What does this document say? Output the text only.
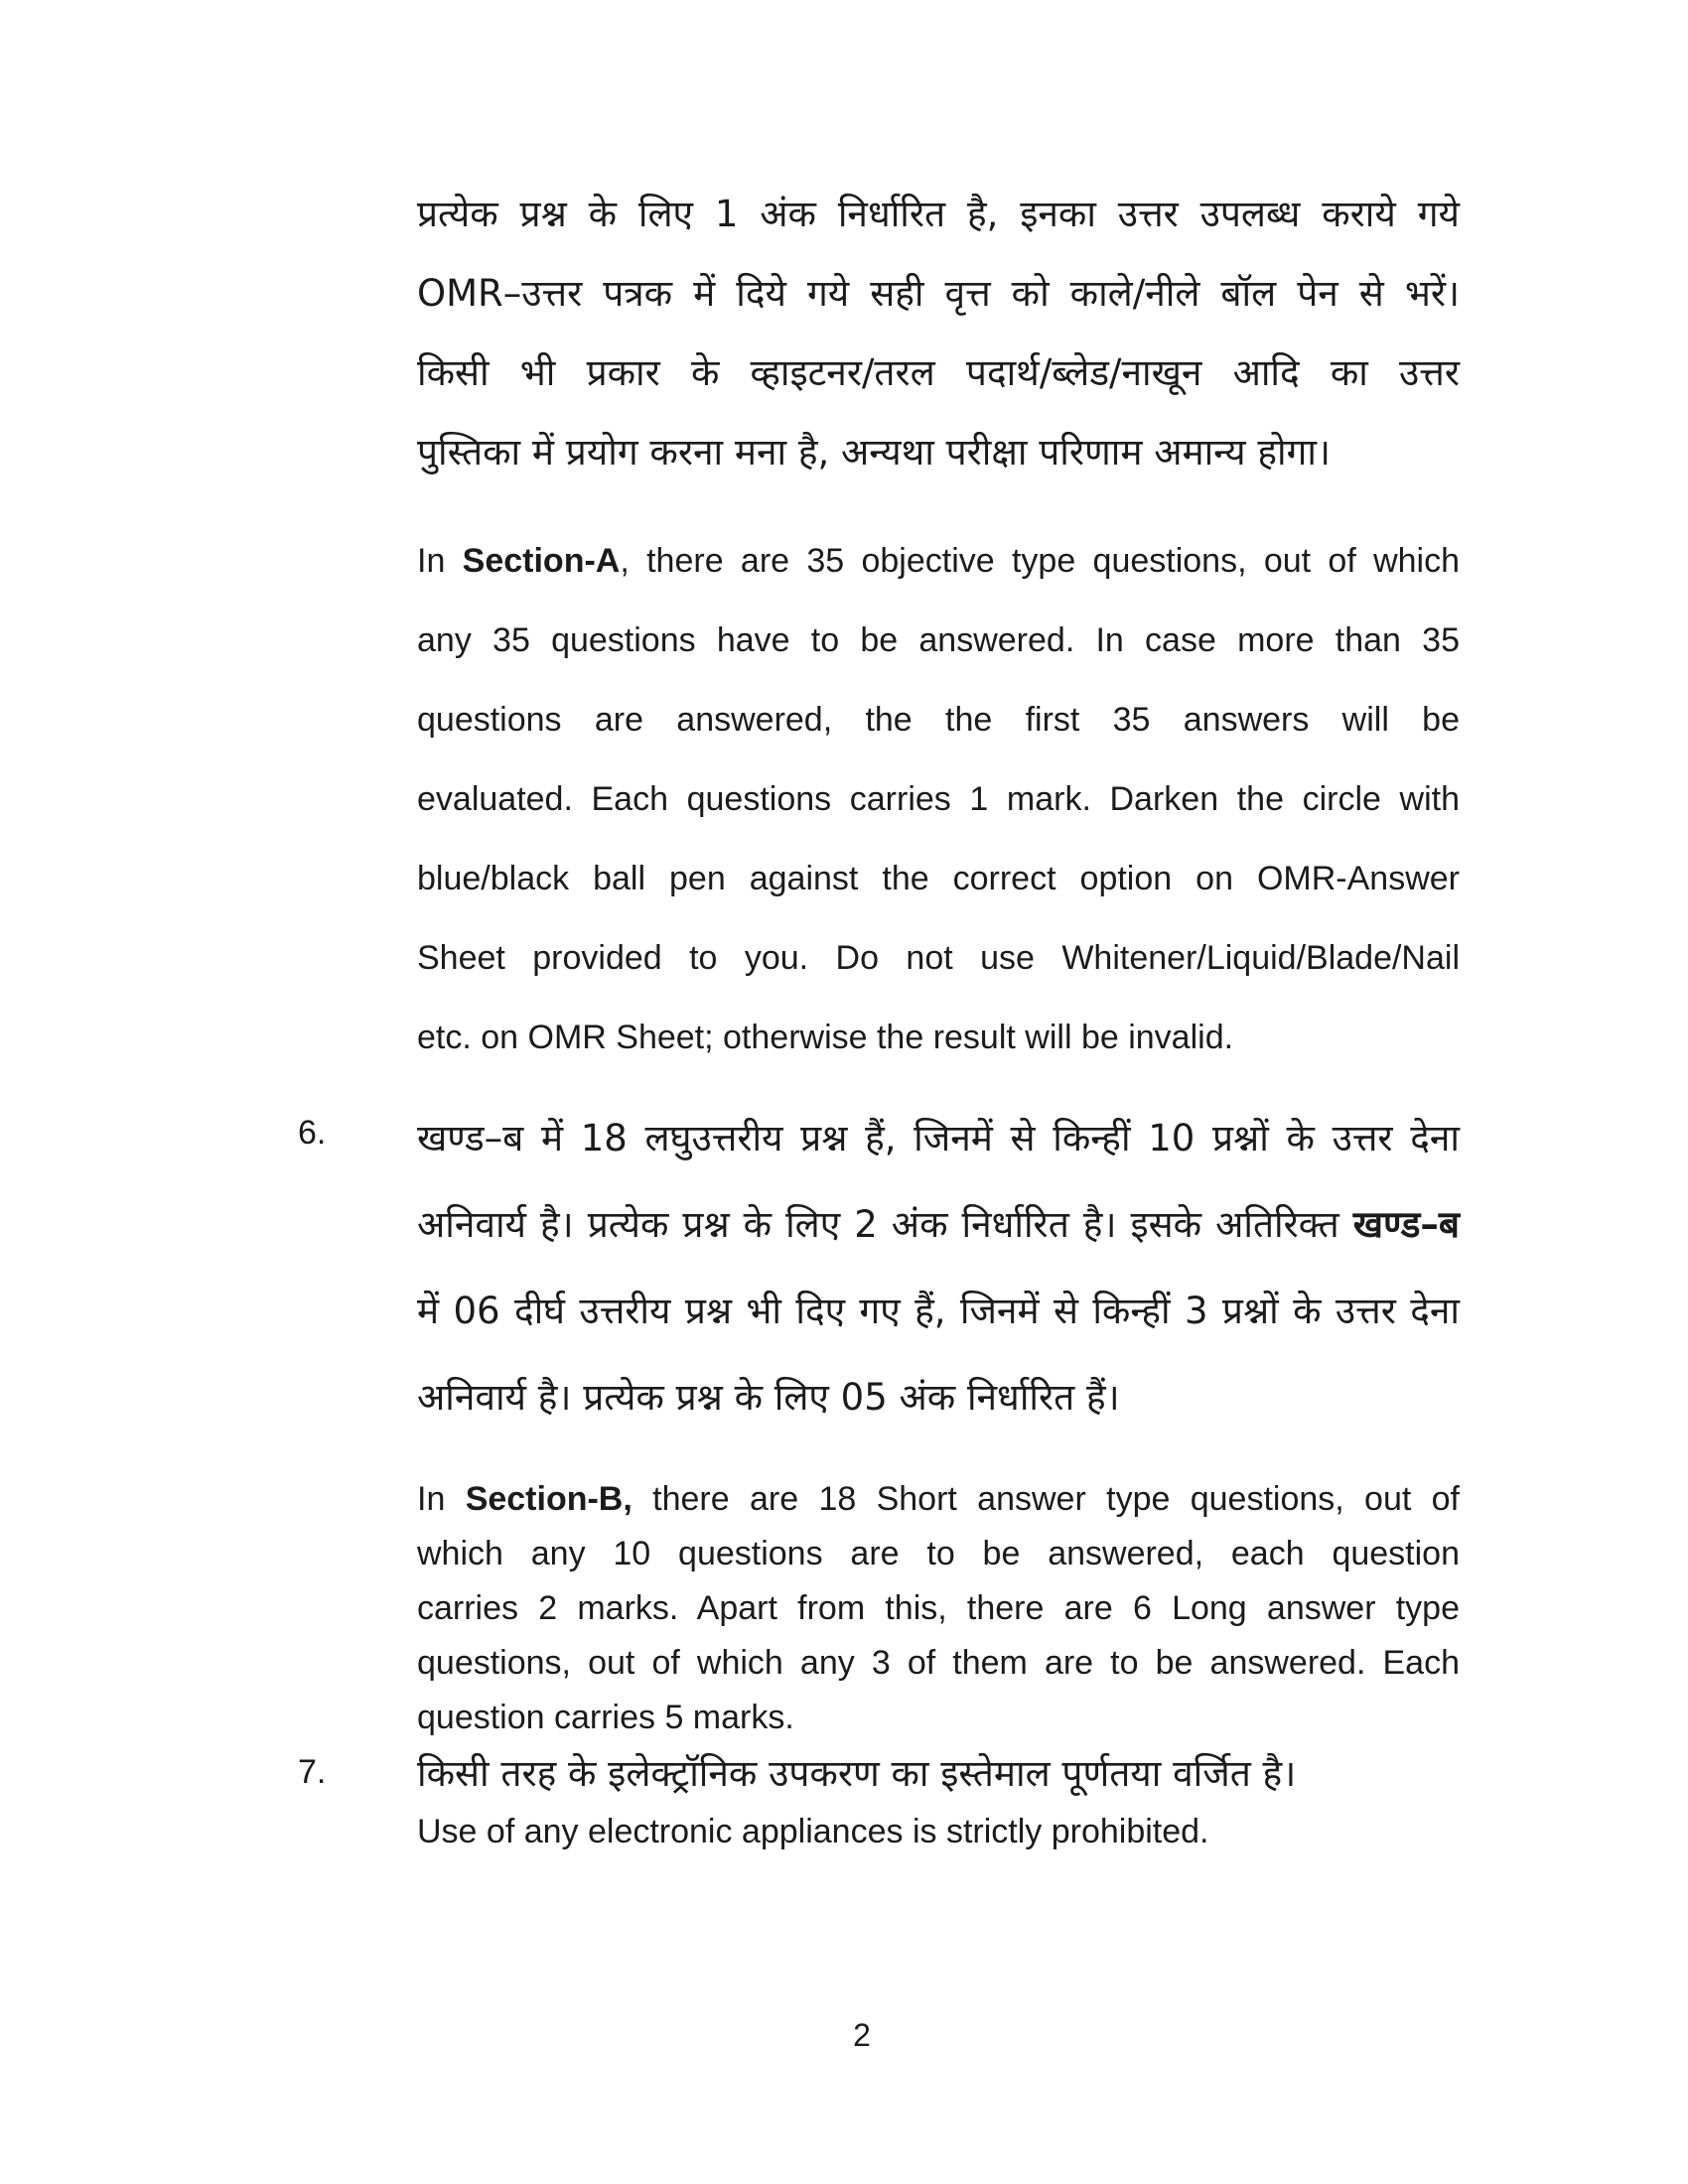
प्रत्येक प्रश्न के लिए 1 अंक निर्धारित है, इनका उत्तर उपलब्ध कराये गये
OMR–उत्तर पत्रक में दिये गये सही वृत्त को काले/नीले बॉल पेन से भरें।
किसी भी प्रकार के व्हाइटनर/तरल पदार्थ/ब्लेड/नाखून आदि का उत्तर
पुस्तिका में प्रयोग करना मना है, अन्यथा परीक्षा परिणाम अमान्य होगा।
In Section-A, there are 35 objective type questions, out of which
any 35 questions have to be answered. In case more than 35
questions are answered, the the first 35 answers will be
evaluated. Each questions carries 1 mark. Darken the circle with
blue/black ball pen against the correct option on OMR-Answer
Sheet provided to you. Do not use Whitener/Liquid/Blade/Nail
etc. on OMR Sheet; otherwise the result will be invalid.
6.	खण्ड–ब में 18 लघुउत्तरीय प्रश्न हैं, जिनमें से किन्हीं 10 प्रश्नों के उत्तर देना
अनिवार्य है। प्रत्येक प्रश्न के लिए 2 अंक निर्धारित है। इसके अतिरिक्त खण्ड–ब
में 06 दीर्घ उत्तरीय प्रश्न भी दिए गए हैं, जिनमें से किन्हीं 3 प्रश्नों के उत्तर देना
अनिवार्य है। प्रत्येक प्रश्न के लिए 05 अंक निर्धारित हैं।
In Section-B, there are 18 Short answer type questions, out of
which any 10 questions are to be answered, each question
carries 2 marks. Apart from this, there are 6 Long answer type
questions, out of which any 3 of them are to be answered. Each
question carries 5 marks.
7.	किसी तरह के इलेक्ट्रॉनिक उपकरण का इस्तेमाल पूर्णतया वर्जित है।
Use of any electronic appliances is strictly prohibited.
2
